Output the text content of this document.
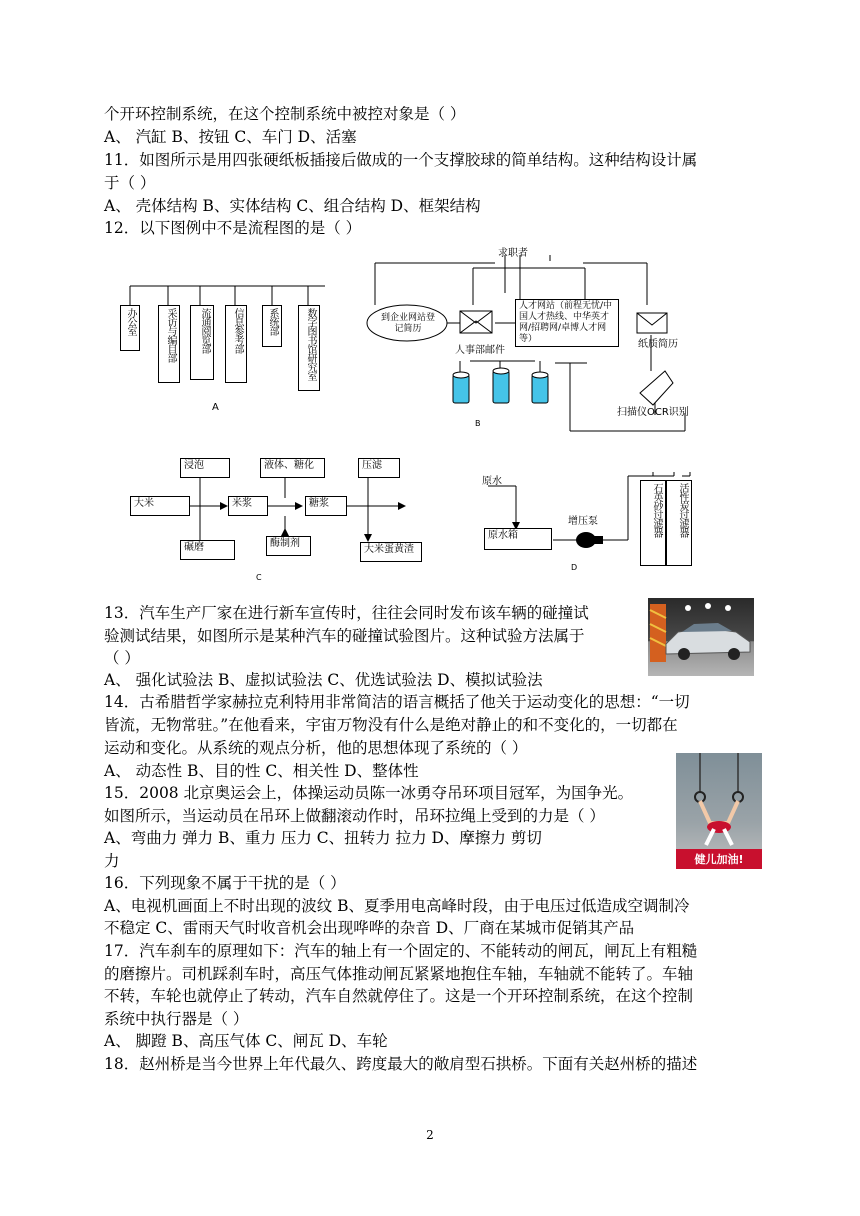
个开环控制系统，在这个控制系统中被控对象是（ ）
A、 汽缸 B、按钮 C、车门 D、活塞
11．如图所示是用四张硬纸板插接后做成的一个支撑胶球的简单结构。这种结构设计属
于（ ）
A、 壳体结构 B、实体结构 C、组合结构 D、框架结构
12．以下图例中不是流程图的是（ ）
办公室	采访与编目部	流通阅览部	信息参考部	系统部	数字图书馆研究室
A
求职者
到企业网站登记简历
人才网站（前程无忧/中国人才热线、中华英才网/招聘网/卓博人才网等）
人事部邮件
纸质简历
扫描仪OCR识别
B
大米
浸泡
碾磨
米浆
液体、糖化
酶制剂
糖浆
压滤
大米蛋黄渣
C
原水
增压泵
原水箱	石英砂过滤器	活性炭过滤器
D
13．汽车生产厂家在进行新车宣传时，往往会同时发布该车辆的碰撞试
验测试结果，如图所示是某种汽车的碰撞试验图片。这种试验方法属于
（ ）
A、 强化试验法 B、虚拟试验法 C、优选试验法 D、模拟试验法
14．古希腊哲学家赫拉克利特用非常简洁的语言概括了他关于运动变化的思想：“一切
皆流，无物常驻。”在他看来，宇宙万物没有什么是绝对静止的和不变化的，一切都在
运动和变化。从系统的观点分析，他的思想体现了系统的（ ）
A、 动态性 B、目的性 C、相关性 D、整体性
15．2008 北京奥运会上，体操运动员陈一冰勇夺吊环项目冠军，为国争光。
如图所示，当运动员在吊环上做翻滚动作时，吊环拉绳上受到的力是（ ）
A、弯曲力 弹力 B、重力 压力 C、扭转力 拉力 D、摩擦力 剪切
力	健儿加油!
16．下列现象不属于干扰的是（ ）
A、电视机画面上不时出现的波纹 B、夏季用电高峰时段，由于电压过低造成空调制冷
不稳定 C、雷雨天气时收音机会出现哗哗的杂音 D、厂商在某城市促销其产品
17．汽车刹车的原理如下：汽车的轴上有一个固定的、不能转动的闸瓦，闸瓦上有粗糙
的磨擦片。司机踩刹车时，高压气体推动闸瓦紧紧地抱住车轴，车轴就不能转了。车轴
不转，车轮也就停止了转动，汽车自然就停住了。这是一个开环控制系统，在这个控制
系统中执行器是（ ）
A、 脚蹬 B、高压气体 C、闸瓦 D、车轮
18．赵州桥是当今世界上年代最久、跨度最大的敞肩型石拱桥。下面有关赵州桥的描述
2
